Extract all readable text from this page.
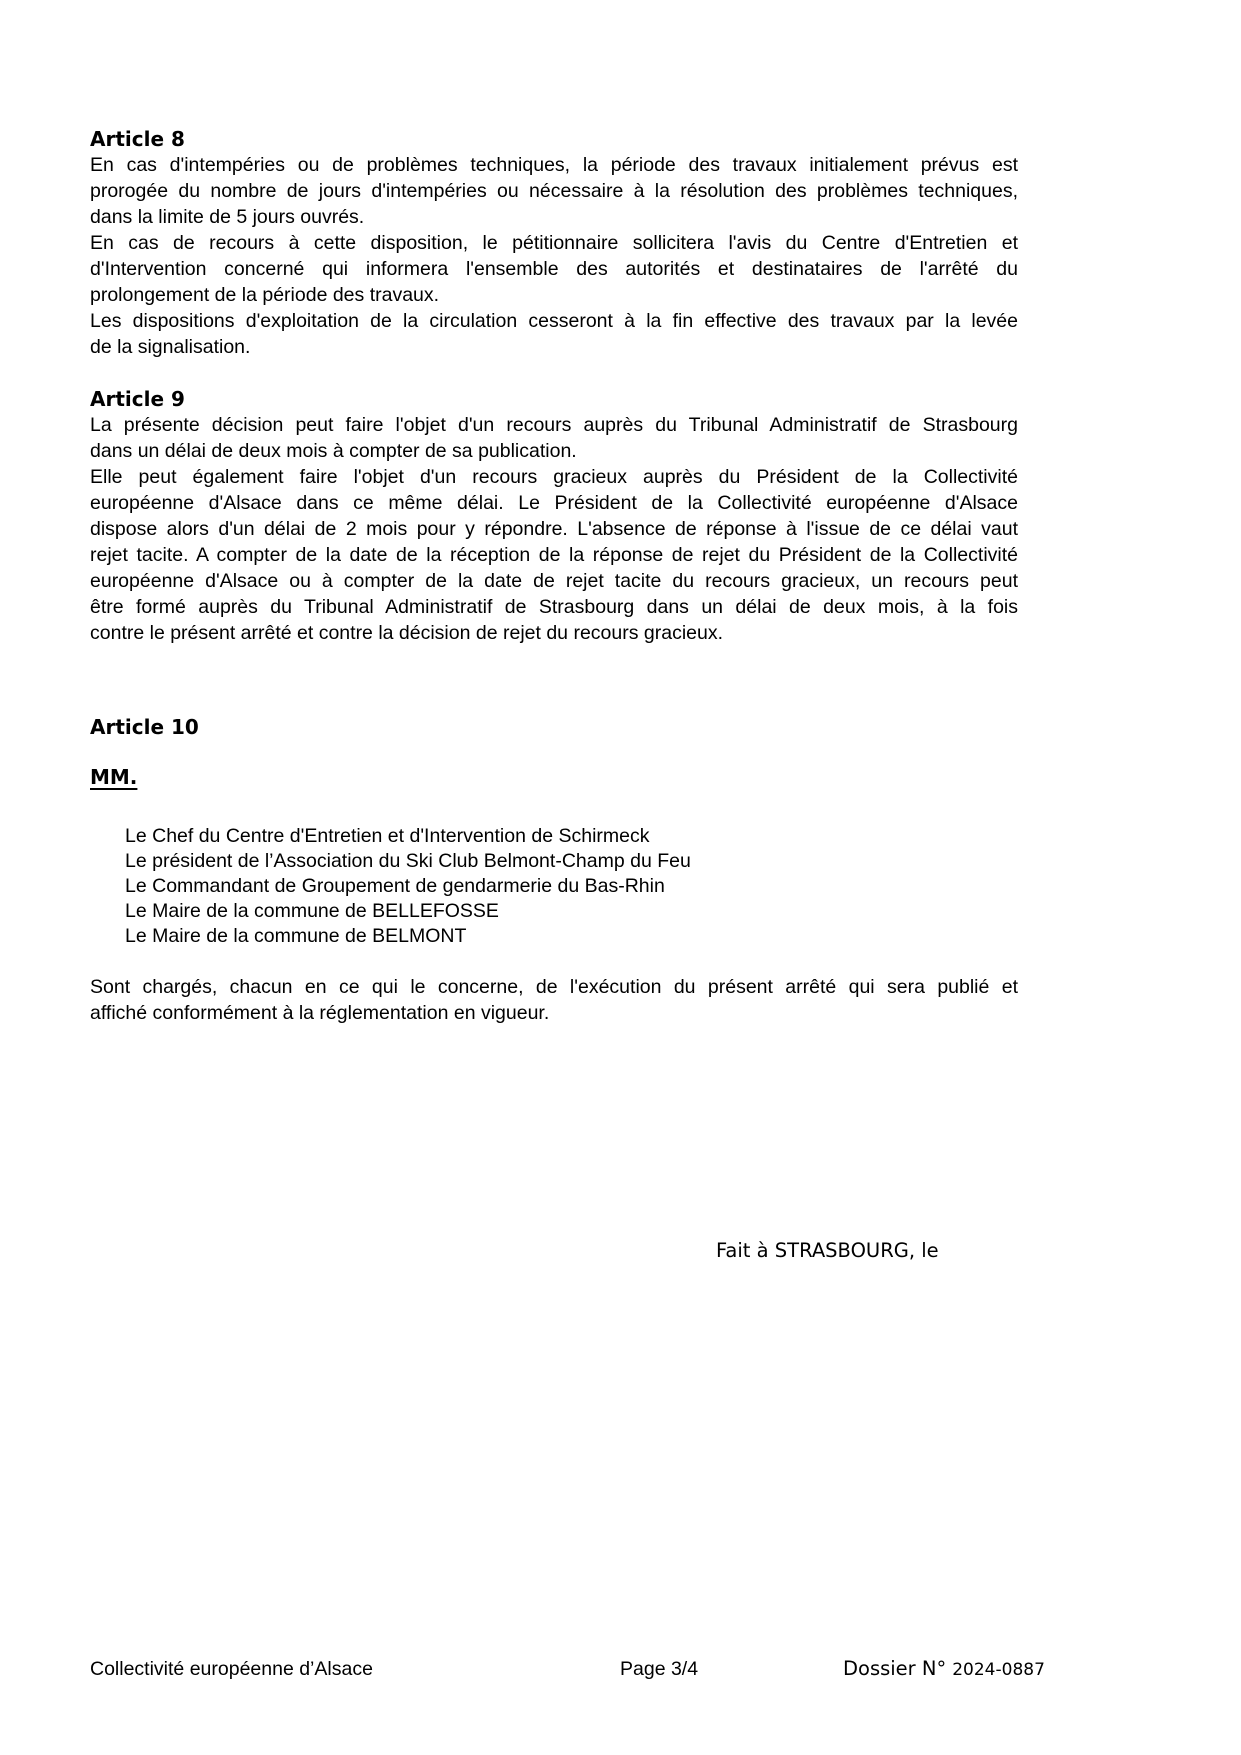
Article 8
En cas d'intempéries ou de problèmes techniques, la période des travaux initialement prévus est
prorogée du nombre de jours d'intempéries ou nécessaire à la résolution des problèmes techniques,
dans la limite de 5 jours ouvrés.
En cas de recours à cette disposition, le pétitionnaire sollicitera l'avis du Centre d'Entretien et
d'Intervention concerné qui informera l'ensemble des autorités et destinataires de l'arrêté du
prolongement de la période des travaux.
Les dispositions d'exploitation de la circulation cesseront à la fin effective des travaux par la levée
de la signalisation.
Article 9
La présente décision peut faire l'objet d'un recours auprès du Tribunal Administratif de Strasbourg
dans un délai de deux mois à compter de sa publication.
Elle peut également faire l'objet d'un recours gracieux auprès du Président de la Collectivité
européenne d'Alsace dans ce même délai. Le Président de la Collectivité européenne d'Alsace
dispose alors d'un délai de 2 mois pour y répondre. L'absence de réponse à l'issue de ce délai vaut
rejet tacite. A compter de la date de la réception de la réponse de rejet du Président de la Collectivité
européenne d'Alsace ou à compter de la date de rejet tacite du recours gracieux, un recours peut
être formé auprès du Tribunal Administratif de Strasbourg dans un délai de deux mois, à la fois
contre le présent arrêté et contre la décision de rejet du recours gracieux.
Article 10
MM.
Le Chef du Centre d'Entretien et d'Intervention de Schirmeck
Le président de l’Association du Ski Club Belmont-Champ du Feu
Le Commandant de Groupement de gendarmerie du Bas-Rhin
Le Maire de la commune de BELLEFOSSE
Le Maire de la commune de BELMONT
Sont chargés, chacun en ce qui le concerne, de l'exécution du présent arrêté qui sera publié et
affiché conformément à la réglementation en vigueur.
Fait à STRASBOURG, le
Collectivité européenne d’Alsace	Page 3/4	Dossier N° 2024-0887
